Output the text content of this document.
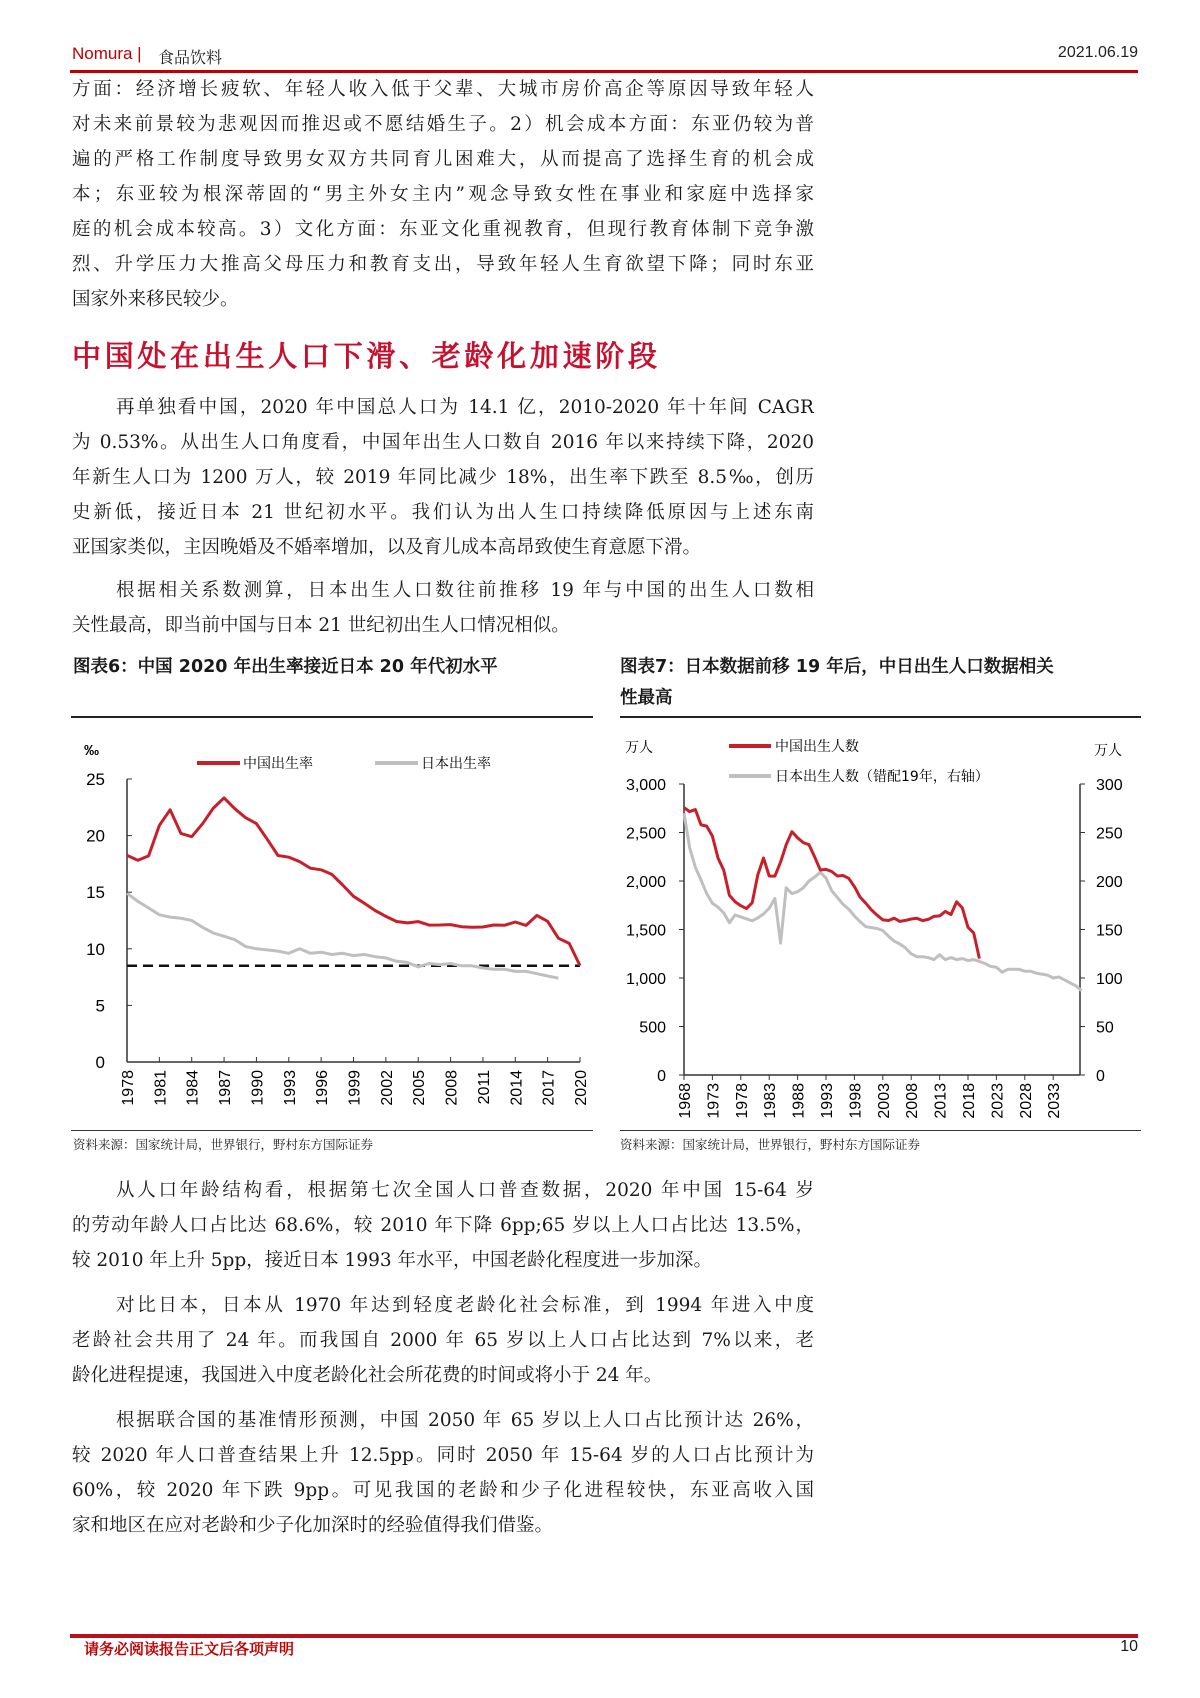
Nomura | 食品饮料	2021.06.19
方面：经济增长疲软、年轻人收入低于父辈、大城市房价高企等原因导致年轻人
对未来前景较为悲观因而推迟或不愿结婚生子。2）机会成本方面：东亚仍较为普
遍的严格工作制度导致男女双方共同育儿困难大，从而提高了选择生育的机会成
本；东亚较为根深蒂固的“男主外女主内”观念导致女性在事业和家庭中选择家
庭的机会成本较高。3）文化方面：东亚文化重视教育，但现行教育体制下竞争激
烈、升学压力大推高父母压力和教育支出，导致年轻人生育欲望下降；同时东亚
国家外来移民较少。
中国处在出生人口下滑、老龄化加速阶段
再单独看中国，2020 年中国总人口为 14.1 亿，2010-2020 年十年间 CAGR
为 0.53%。从出生人口角度看，中国年出生人口数自 2016 年以来持续下降，2020
年新生人口为 1200 万人，较 2019 年同比减少 18%，出生率下跌至 8.5‰，创历
史新低，接近日本 21 世纪初水平。我们认为出人生口持续降低原因与上述东南
亚国家类似，主因晚婚及不婚率增加，以及育儿成本高昂致使生育意愿下滑。
根据相关系数测算，日本出生人口数往前推移 19 年与中国的出生人口数相
关性最高，即当前中国与日本 21 世纪初出生人口情况相似。
图表6：中国 2020 年出生率接近日本 20 年代初水平	图表7：日本数据前移 19 年后，中日出生人口数据相关
性最高
0
5
10
15
20
25
‰
1978 1981 1984 1987 1990 1993 1996 1999 2002 2005 2008 2011 2014 2017 2020
中国出生率	日本出生率
0
500
1,000
1,500
2,000
2,500
3,000
0
50
100
150
200
250
300
万人	万人
1968 1973 1978 1983 1988 1993 1998 2003 2008 2013 2018 2023 2028 2033
中国出生人数
日本出生人数（错配19年，右轴）
资料来源：国家统计局，世界银行，野村东方国际证券	资料来源：国家统计局，世界银行，野村东方国际证券
从人口年龄结构看，根据第七次全国人口普查数据，2020 年中国 15-64 岁
的劳动年龄人口占比达 68.6%，较 2010 年下降 6pp;65 岁以上人口占比达 13.5%，
较 2010 年上升 5pp，接近日本 1993 年水平，中国老龄化程度进一步加深。
对比日本，日本从 1970 年达到轻度老龄化社会标准，到 1994 年进入中度
老龄社会共用了 24 年。而我国自 2000 年 65 岁以上人口占比达到 7%以来，老
龄化进程提速，我国进入中度老龄化社会所花费的时间或将小于 24 年。
根据联合国的基准情形预测，中国 2050 年 65 岁以上人口占比预计达 26%，
较 2020 年人口普查结果上升 12.5pp。同时 2050 年 15-64 岁的人口占比预计为
60%，较 2020 年下跌 9pp。可见我国的老龄和少子化进程较快，东亚高收入国
家和地区在应对老龄和少子化加深时的经验值得我们借鉴。
请务必阅读报告正文后各项声明	10
